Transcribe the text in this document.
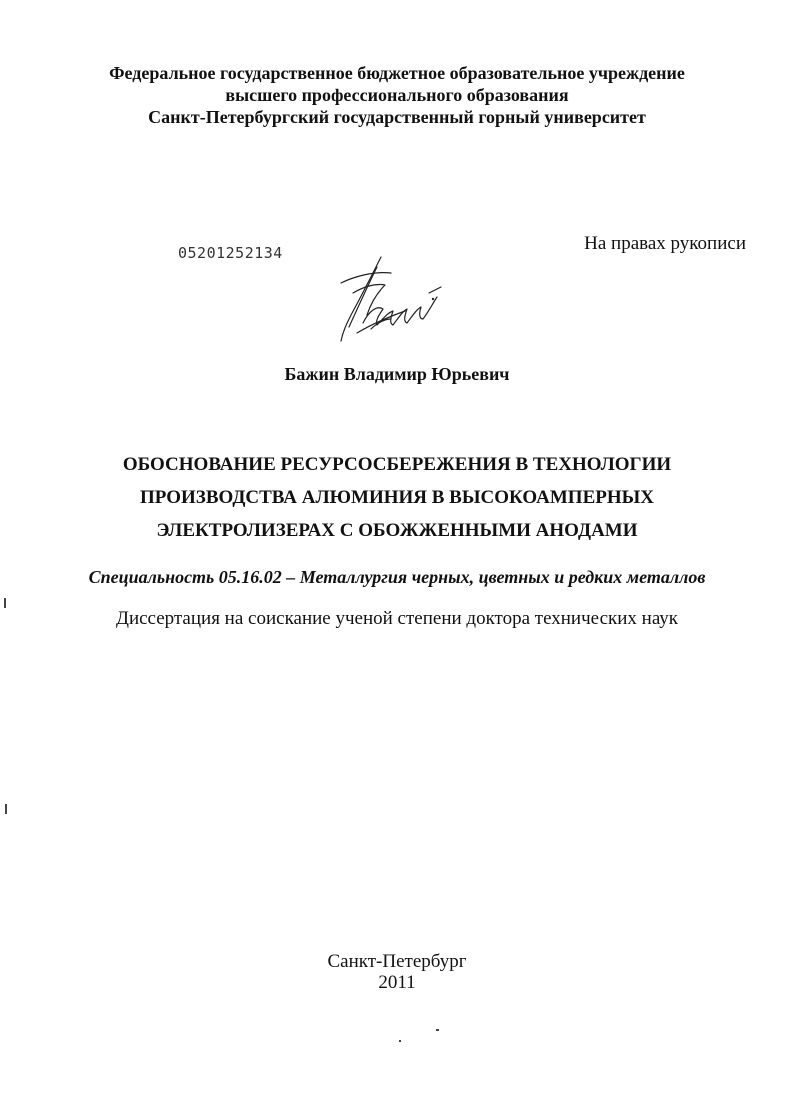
Федеральное государственное бюджетное образовательное учреждение
высшего профессионального образования
Санкт-Петербургский государственный горный университет
05201252134	На правах рукописи
Бажин Владимир Юрьевич
ОБОСНОВАНИЕ РЕСУРСОСБЕРЕЖЕНИЯ В ТЕХНОЛОГИИ
ПРОИЗВОДСТВА АЛЮМИНИЯ В ВЫСОКОАМПЕРНЫХ
ЭЛЕКТРОЛИЗЕРАХ С ОБОЖЖЕННЫМИ АНОДАМИ
Специальность 05.16.02 – Металлургия черных, цветных и редких металлов
Диссертация на соискание ученой степени доктора технических наук
Санкт-Петербург
2011
